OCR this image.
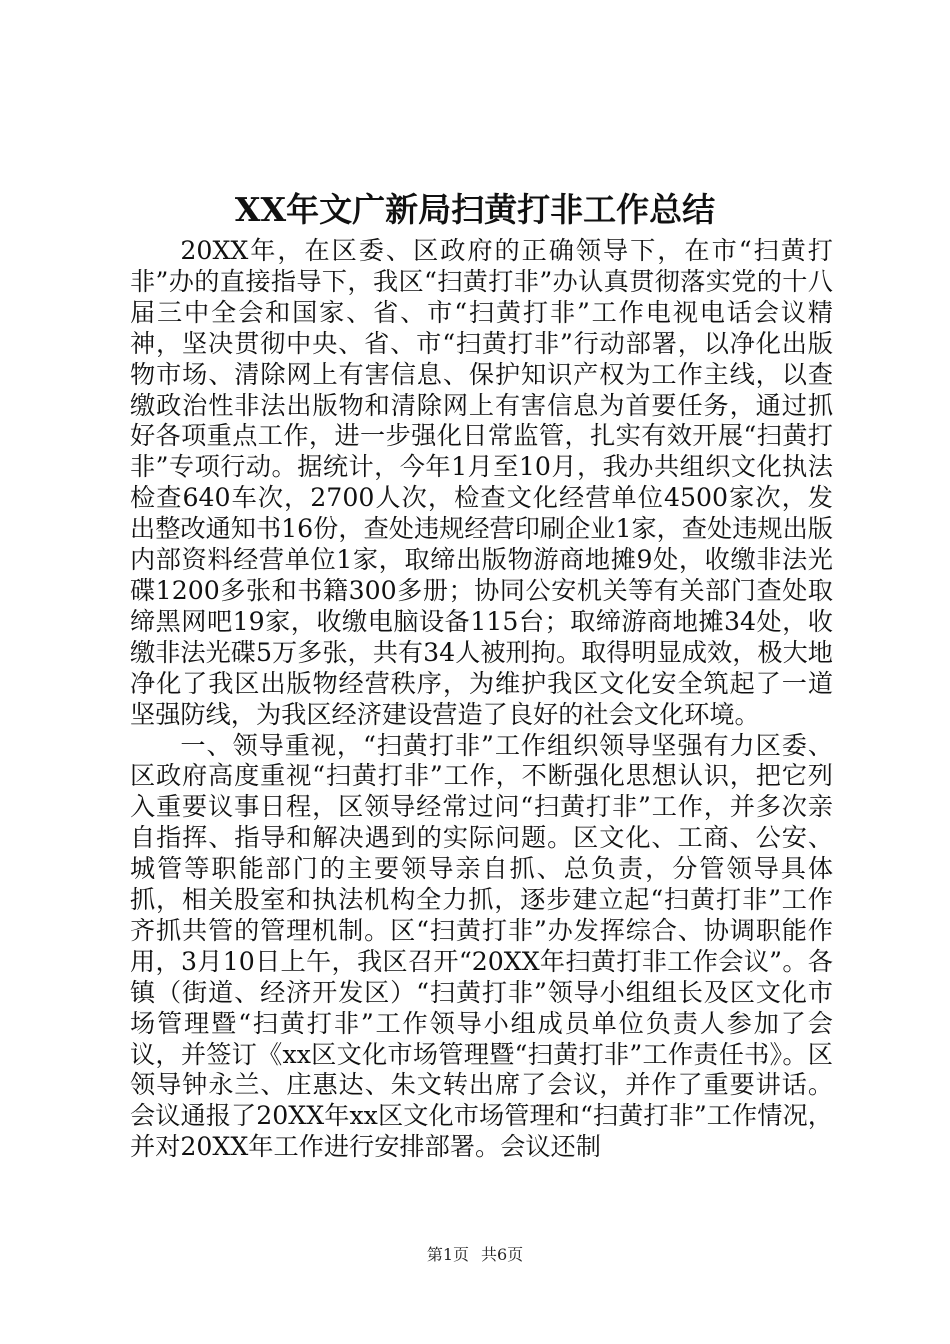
XX年文广新局扫黄打非工作总结

20XX年，在区委、区政府的正确领导下，在市“扫黄打非”办的直接指导下，我区“扫黄打非”办认真贯彻落实党的十八届三中全会和国家、省、市“扫黄打非”工作电视电话会议精神，坚决贯彻中央、省、市“扫黄打非”行动部署，以净化出版物市场、清除网上有害信息、保护知识产权为工作主线，以查缴政治性非法出版物和清除网上有害信息为首要任务，通过抓好各项重点工作，进一步强化日常监管，扎实有效开展“扫黄打非”专项行动。据统计，今年1月至10月，我办共组织文化执法检查640车次，2700人次，检查文化经营单位4500家次，发出整改通知书16份，查处违规经营印刷企业1家，查处违规出版内部资料经营单位1家，取缔出版物游商地摊9处，收缴非法光碟1200多张和书籍300多册；协同公安机关等有关部门查处取缔黑网吧19家，收缴电脑设备115台；取缔游商地摊34处，收缴非法光碟5万多张，共有34人被刑拘。取得明显成效，极大地净化了我区出版物经营秩序，为维护我区文化安全筑起了一道坚强防线，为我区经济建设营造了良好的社会文化环境。

一、领导重视，“扫黄打非”工作组织领导坚强有力区委、区政府高度重视“扫黄打非”工作，不断强化思想认识，把它列入重要议事日程，区领导经常过问“扫黄打非”工作，并多次亲自指挥、指导和解决遇到的实际问题。区文化、工商、公安、城管等职能部门的主要领导亲自抓、总负责，分管领导具体抓，相关股室和执法机构全力抓，逐步建立起“扫黄打非”工作齐抓共管的管理机制。区“扫黄打非”办发挥综合、协调职能作用，3月10日上午，我区召开“20XX年扫黄打非工作会议”。各镇（街道、经济开发区）“扫黄打非”领导小组组长及区文化市场管理暨“扫黄打非”工作领导小组成员单位负责人参加了会议，并签订《xx区文化市场管理暨“扫黄打非”工作责任书》。区领导钟永兰、庄惠达、朱文转出席了会议，并作了重要讲话。会议通报了20XX年xx区文化市场管理和“扫黄打非”工作情况，并对20XX年工作进行安排部署。会议还制

第1页 共6页
